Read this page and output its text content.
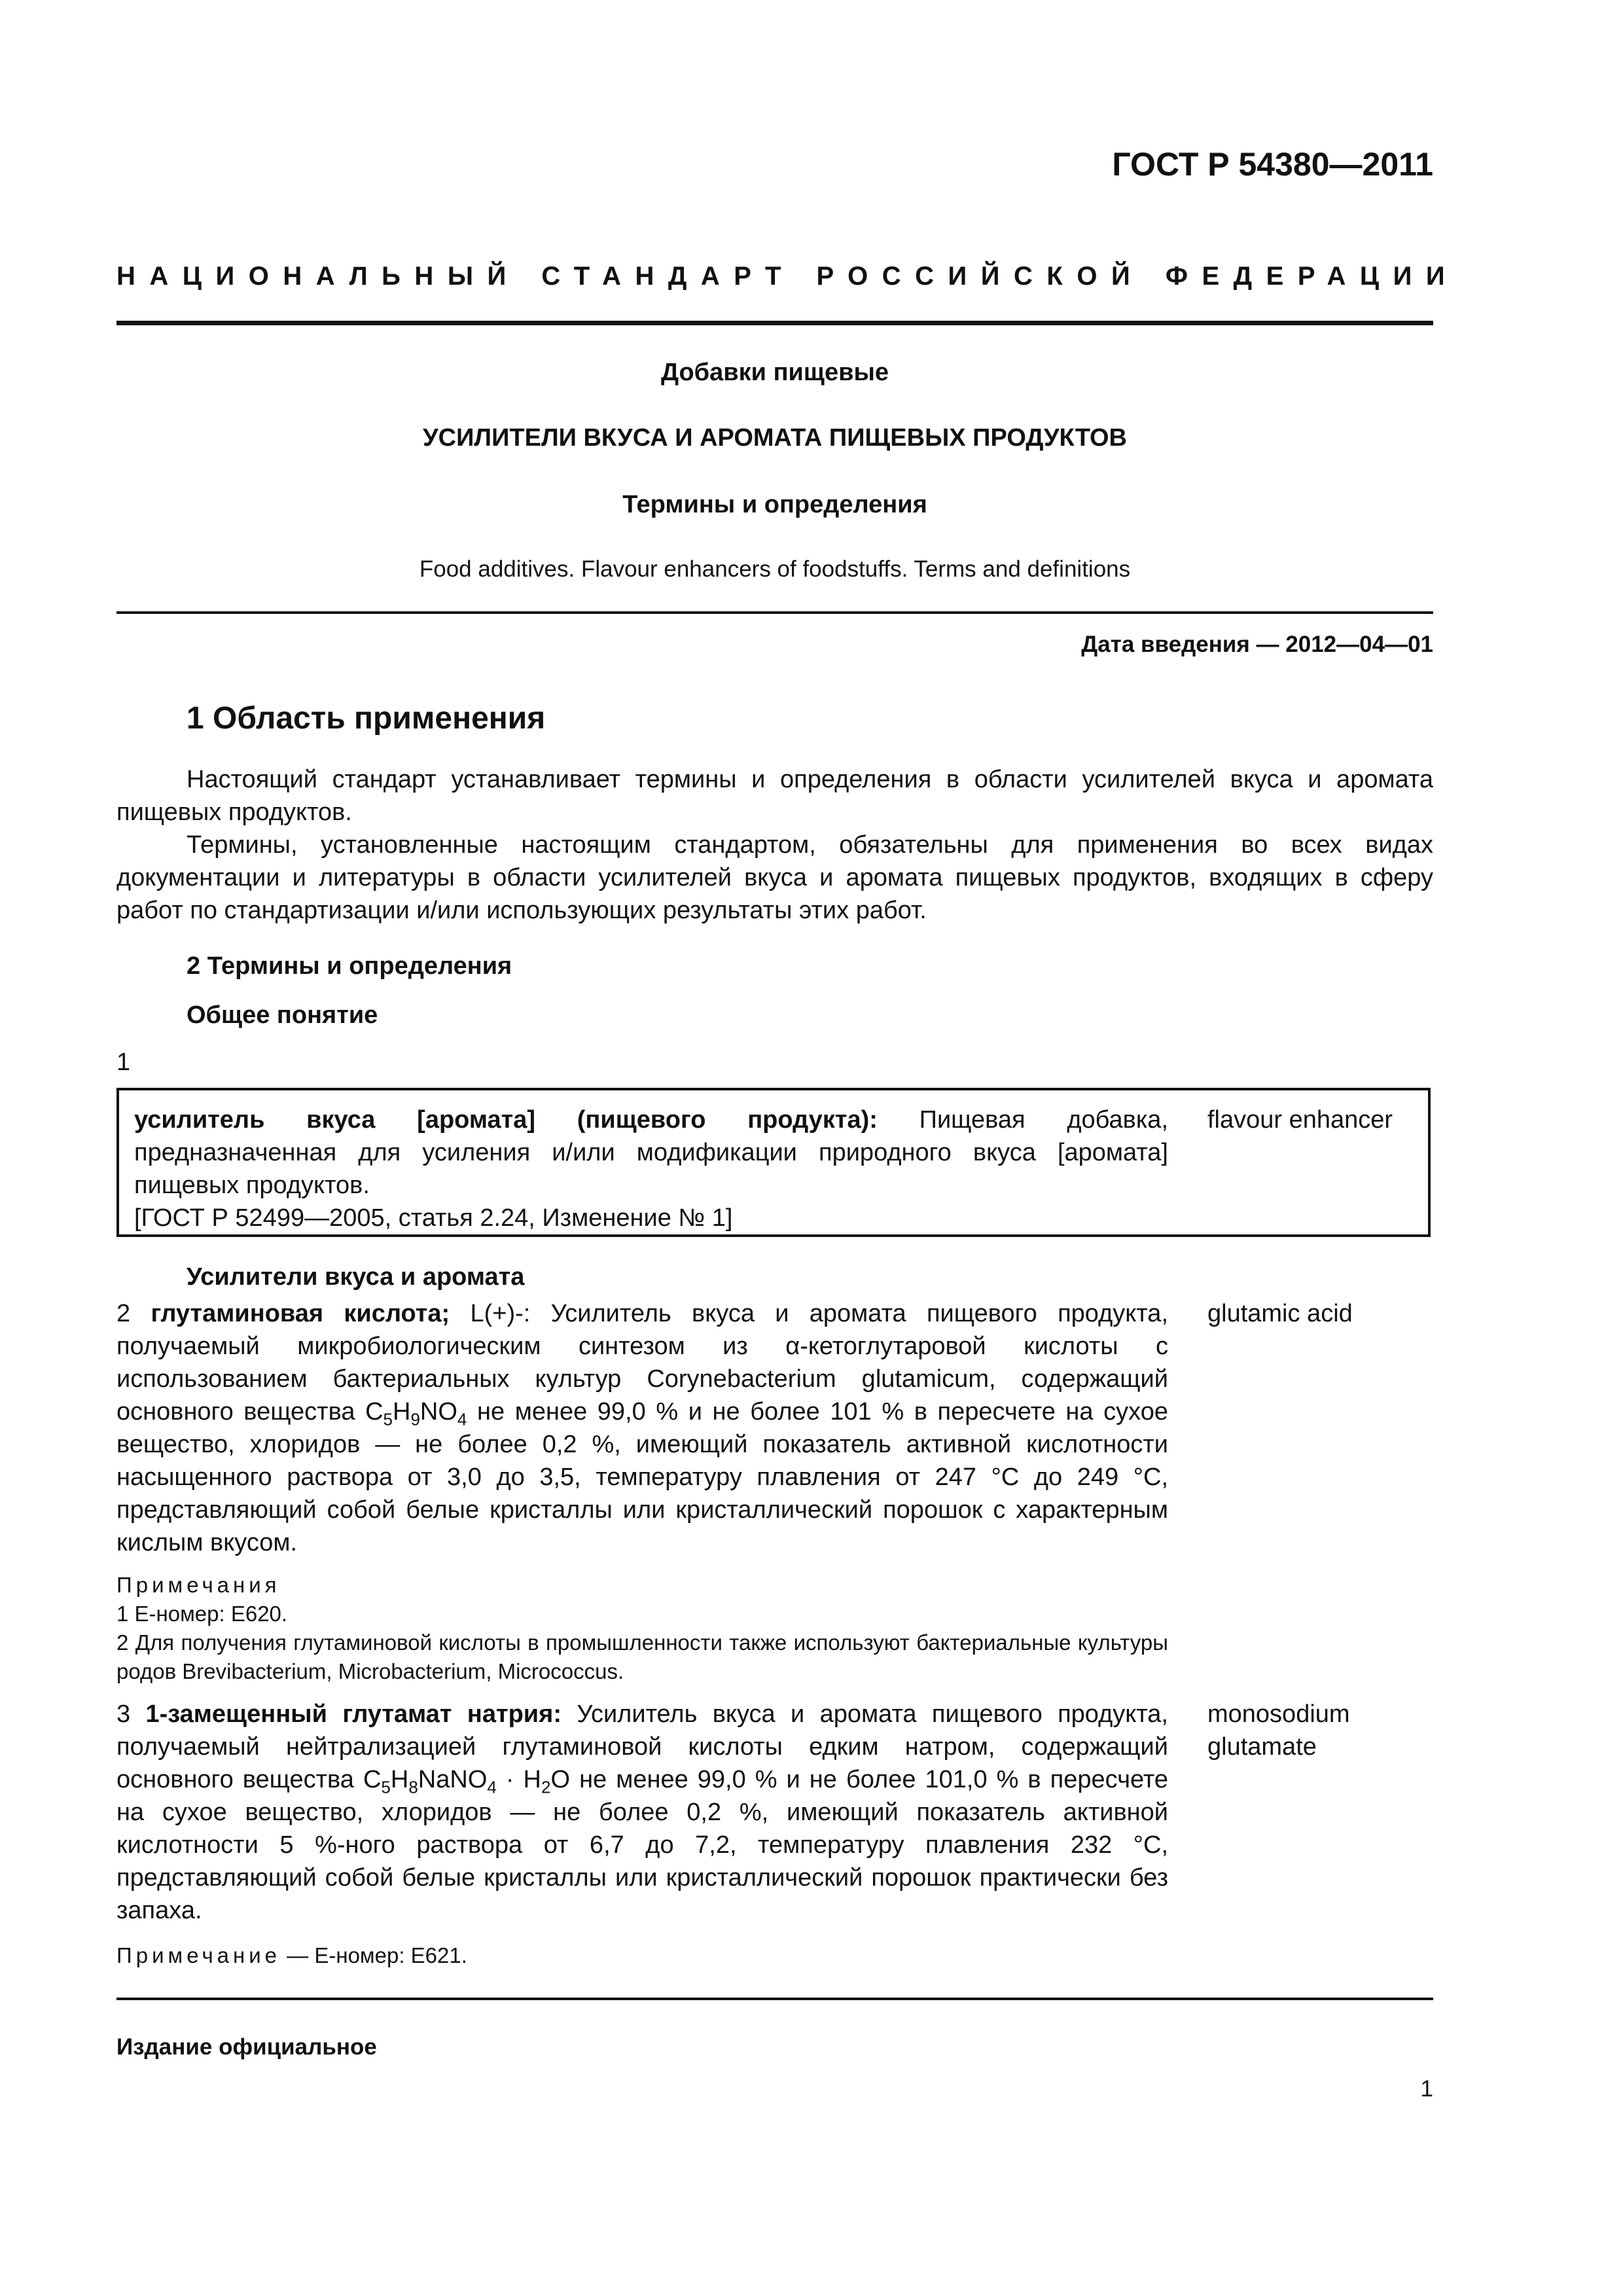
ГОСТ Р 54380—2011
НАЦИОНАЛЬНЫЙ СТАНДАРТ РОССИЙСКОЙ ФЕДЕРАЦИИ
Добавки пищевые
УСИЛИТЕЛИ ВКУСА И АРОМАТА ПИЩЕВЫХ ПРОДУКТОВ
Термины и определения
Food additives. Flavour enhancers of foodstuffs. Terms and definitions
Дата введения — 2012—04—01
1 Область применения

Настоящий стандарт устанавливает термины и определения в области усилителей вкуса и аромата пищевых продуктов.

Термины, установленные настоящим стандартом, обязательны для применения во всех видах документации и литературы в области усилителей вкуса и аромата пищевых продуктов, входящих в сферу работ по стандартизации и/или использующих результаты этих работ.

2 Термины и определения
Общее понятие
1
усилитель вкуса [аромата] (пищевого продукта): Пищевая добавка, предназначенная для усиления и/или модификации природного вкуса [аромата] пищевых продуктов.
[ГОСТ Р 52499—2005, статья 2.24, Изменение № 1]
flavour enhancer
Усилители вкуса и аромата
2 глутаминовая кислота; L(+)-: Усилитель вкуса и аромата пищевого продукта, получаемый микробиологическим синтезом из α-кетоглутаровой кислоты с использованием бактериальных культур Corynebacterium glutamicum, содержащий основного вещества $C_5H_9NO_4$ не менее 99,0 % и не более 101 % в пересчете на сухое вещество, хлоридов — не более 0,2 %, имеющий показатель активной кислотности насыщенного раствора от 3,0 до 3,5, температуру плавления от 247 °С до 249 °С, представляющий собой белые кристаллы или кристаллический порошок с характерным кислым вкусом.
glutamic acid
Примечания
1 Е-номер: Е620.
2 Для получения глутаминовой кислоты в промышленности также используют бактериальные культуры родов Brevibacterium, Microbacterium, Micrococcus.
3 1-замещенный глутамат натрия: Усилитель вкуса и аромата пищевого продукта, получаемый нейтрализацией глутаминовой кислоты едким натром, содержащий основного вещества $C_5H_8NaNO_4 \cdot H_2O$ не менее 99,0 % и не более 101,0 % в пересчете на сухое вещество, хлоридов — не более 0,2 %, имеющий показатель активной кислотности 5 %-ного раствора от 6,7 до 7,2, температуру плавления 232 °С, представляющий собой белые кристаллы или кристаллический порошок практически без запаха.
monosodium
glutamate
Примечание — Е-номер: Е621.
Издание официальное
1
